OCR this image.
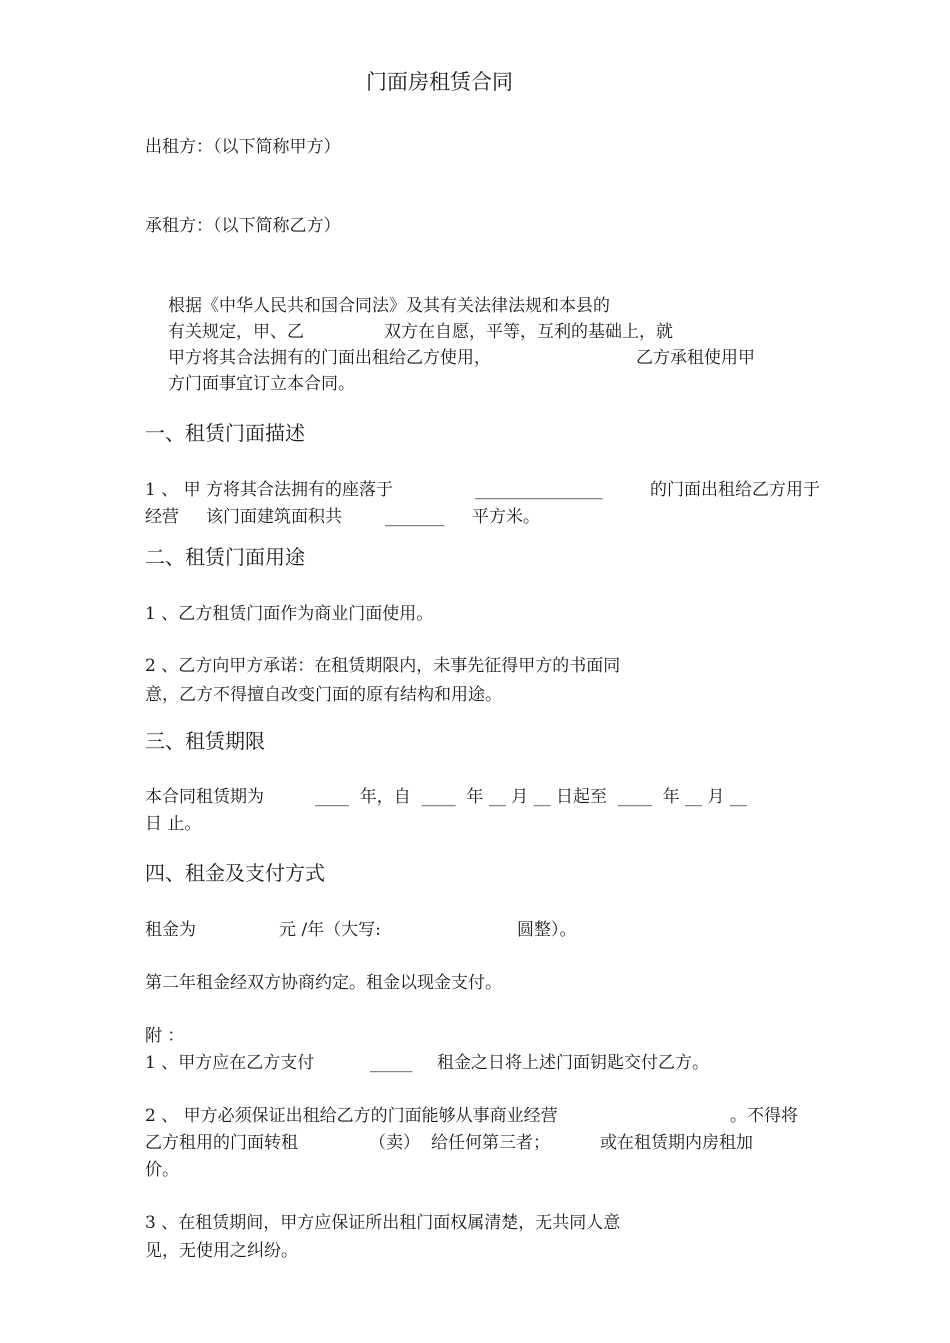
门面房租赁合同
出租方：（以下简称甲方）
承租方：（以下简称乙方）
根据《中华人民共和国合同法》及其有关法律法规和本县的
有关规定，甲、乙	双方在自愿，平等，互利的基础上，就
甲方将其合法拥有的门面出租给乙方使用，	乙方承租使用甲
方门面事宜订立本合同。
一、租赁门面描述
1 、 甲 方将其合法拥有的座落于	_______________	的门面出租给乙方用于
经营 该门面建筑面积共	_______ 平方米。
二、租赁门面用途
1 、乙方租赁门面作为商业门面使用。
2 、乙方向甲方承诺：在租赁期限内，未事先征得甲方的书面同
意，乙方不得擅自改变门面的原有结构和用途。
三、租赁期限
本合同租赁期为	____  年，自  ____  年 __ 月 __ 日起至  ____  年 __ 月 __
日 止。
四、租金及支付方式
租金为	元 /年（大写:	圆整）。
第二年租金经双方协商约定。租金以现金支付。
附 ：
1 、甲方应在乙方支付	_____ 租金之日将上述门面钥匙交付乙方。
2 、 甲方必须保证出租给乙方的门面能够从事商业经营	。不得将
乙方租用的门面转租	（卖） 给任何第三者；	或在租赁期内房租加
价。
3 、在租赁期间，甲方应保证所出租门面权属清楚，无共同人意
见，无使用之纠纷。
